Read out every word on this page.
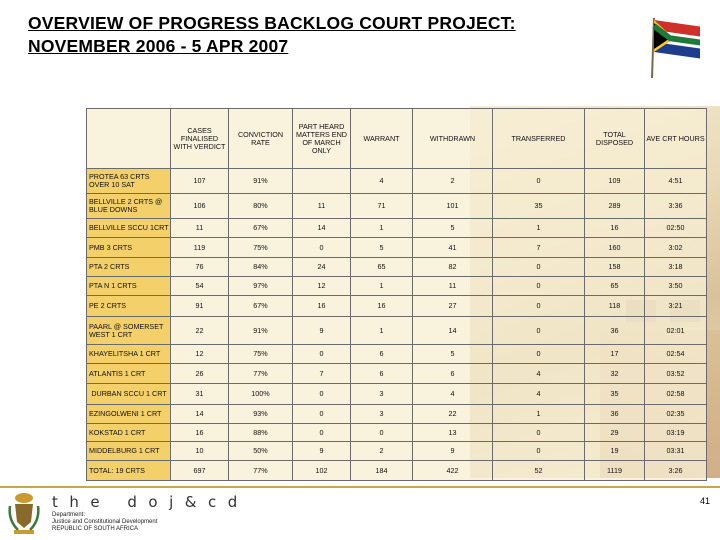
OVERVIEW OF PROGRESS BACKLOG COURT PROJECT:
NOVEMBER 2006 - 5 APR 2007
	CASES FINALISED WITH VERDICT	CONVICTION RATE	PART HEARD MATTERS END OF MARCH ONLY	WARRANT	WITHDRAWN	TRANSFERRED	TOTAL DISPOSED	AVE CRT HOURS
PROTEA 63 CRTS OVER 10 SAT	107	91%		4	2	0	109	4:51
BELLVILLE 2 CRTS @ BLUE DOWNS	106	80%	11	71	101	35	289	3:36
BELLVILLE SCCU 1CRT	11	67%	14	1	5	1	16	02:50
PMB 3 CRTS	119	75%	0	5	41	7	160	3:02
PTA 2 CRTS	76	84%	24	65	82	0	158	3:18
PTA N 1 CRTS	54	97%	12	1	11	0	65	3:50
PE 2 CRTS	91	67%	16	16	27	0	118	3:21
PAARL @ SOMERSET WEST 1 CRT	22	91%	9	1	14	0	36	02:01
KHAYELITSHA 1 CRT	12	75%	0	6	5	0	17	02:54
ATLANTIS 1 CRT	26	77%	7	6	6	4	32	03:52
DURBAN SCCU 1 CRT	31	100%	0	3	4	4	35	02:58
EZINGOLWENI 1 CRT	14	93%	0	3	22	1	36	02:35
KOKSTAD 1 CRT	16	88%	0	0	13	0	29	03:19
MIDDELBURG 1 CRT	10	50%	9	2	9	0	19	03:31
TOTAL: 19 CRTS	697	77%	102	184	422	52	1119	3:26
the doj&cd
Department:
Justice and Constitutional Development
REPUBLIC OF SOUTH AFRICA
41
